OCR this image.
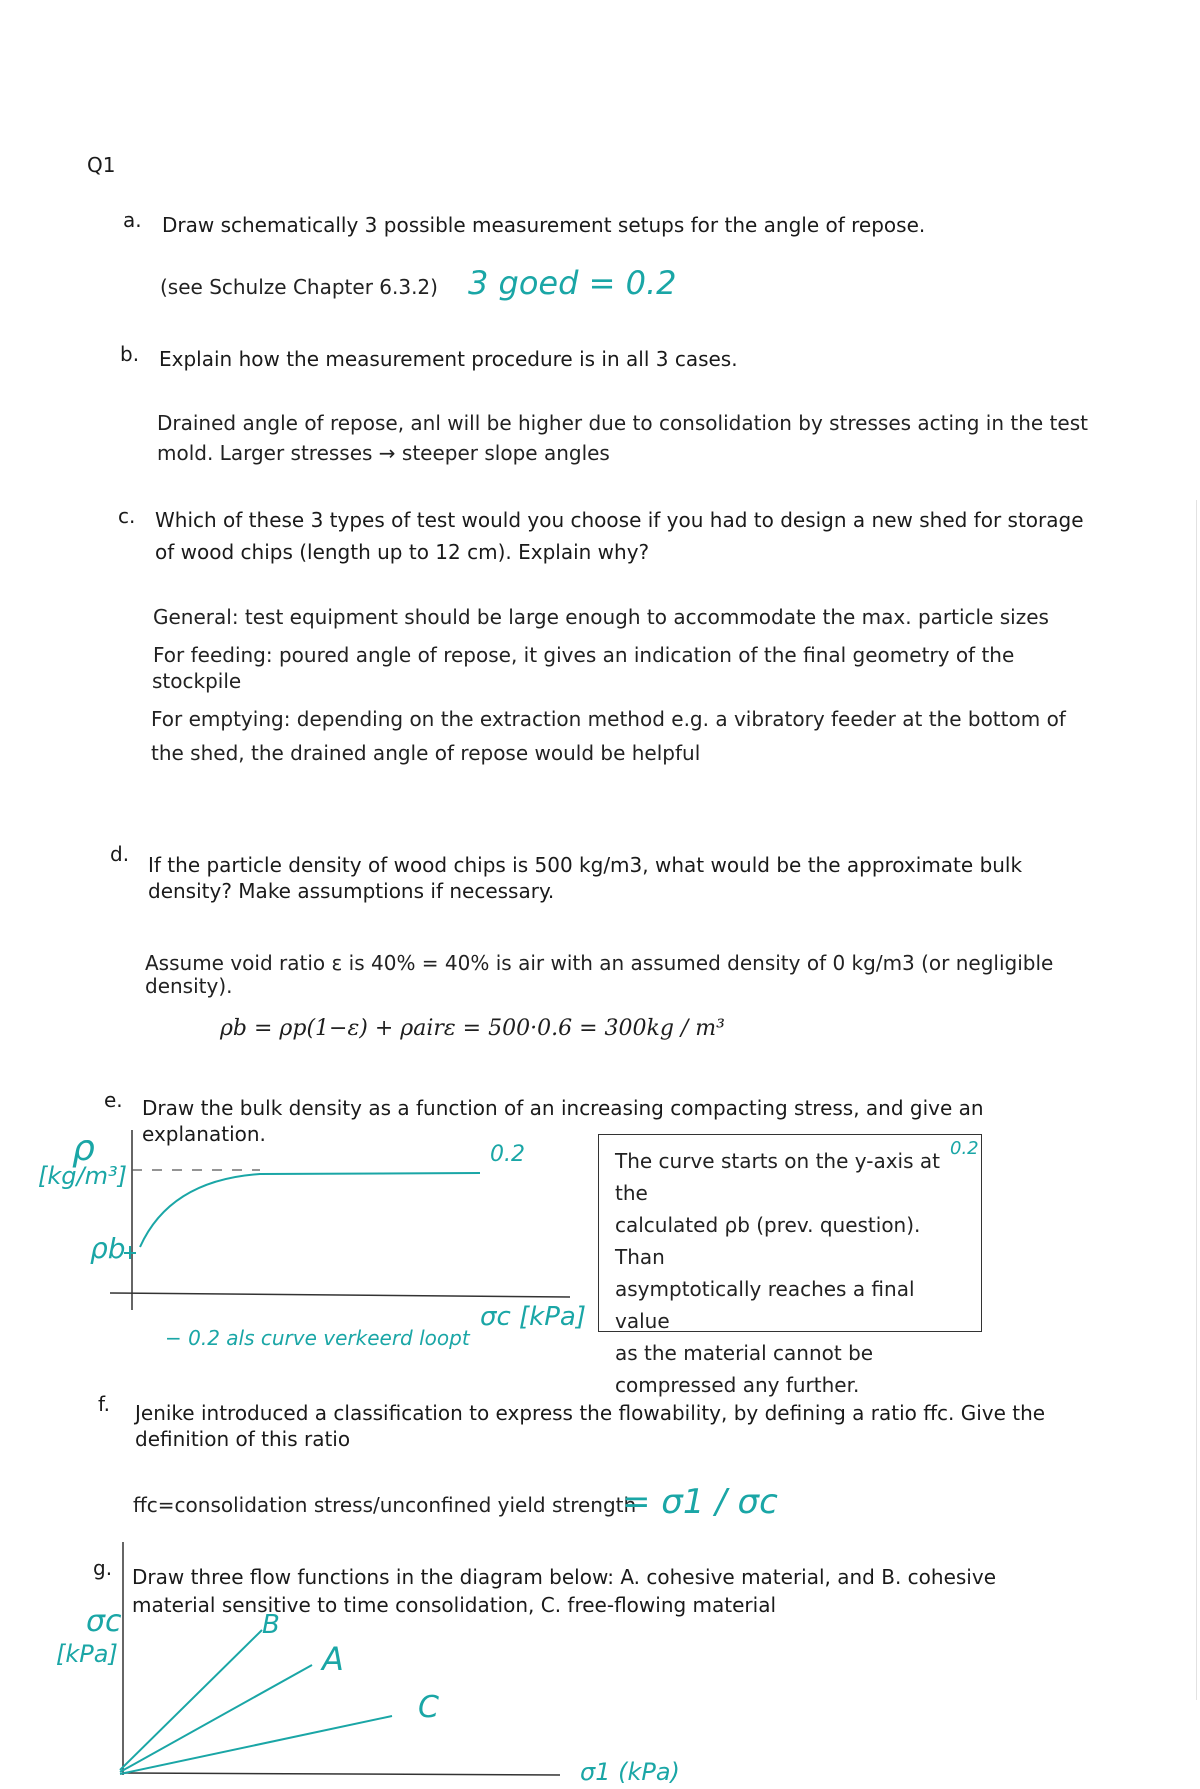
Q1
a. Draw schematically 3 possible measurement setups for the angle of repose.
(see Schulze Chapter 6.3.2) 3 goed = 0.2
b. Explain how the measurement procedure is in all 3 cases.
Drained angle of repose, anl will be higher due to consolidation by stresses acting in the test
mold. Larger stresses → steeper slope angles
c. Which of these 3 types of test would you choose if you had to design a new shed for storage
of wood chips (length up to 12 cm). Explain why?
General: test equipment should be large enough to accommodate the max. particle sizes
For feeding: poured angle of repose, it gives an indication of the final geometry of the
stockpile
For emptying: depending on the extraction method e.g. a vibratory feeder at the bottom of
the shed, the drained angle of repose would be helpful
d. If the particle density of wood chips is 500 kg/m3, what would be the approximate bulk
density? Make assumptions if necessary.
Assume void ratio ε is 40% = 40% is air with an assumed density of 0 kg/m3 (or negligible
density).
ρb = ρp(1−ε) + ρairε = 500·0.6 = 300kg / m³
e. Draw the bulk density as a function of an increasing compacting stress, and give an
explanation.
ρ
[kg/m³]
ρb
0.2
σc [kPa]
− 0.2 als curve verkeerd loopt
The curve starts on the y-axis at the
calculated ρb (prev. question). Than
asymptotically reaches a final value
as the material cannot be
compressed any further.
0.2
f. Jenike introduced a classification to express the flowability, by defining a ratio ffc. Give the
definition of this ratio
ffc=consolidation stress/unconfined yield strength
= σ1 / σc
g. Draw three flow functions in the diagram below: A. cohesive material, and B. cohesive
material sensitive to time consolidation, C. free-flowing material
σc
[kPa]
B
A
C
σ1 (kPa)
